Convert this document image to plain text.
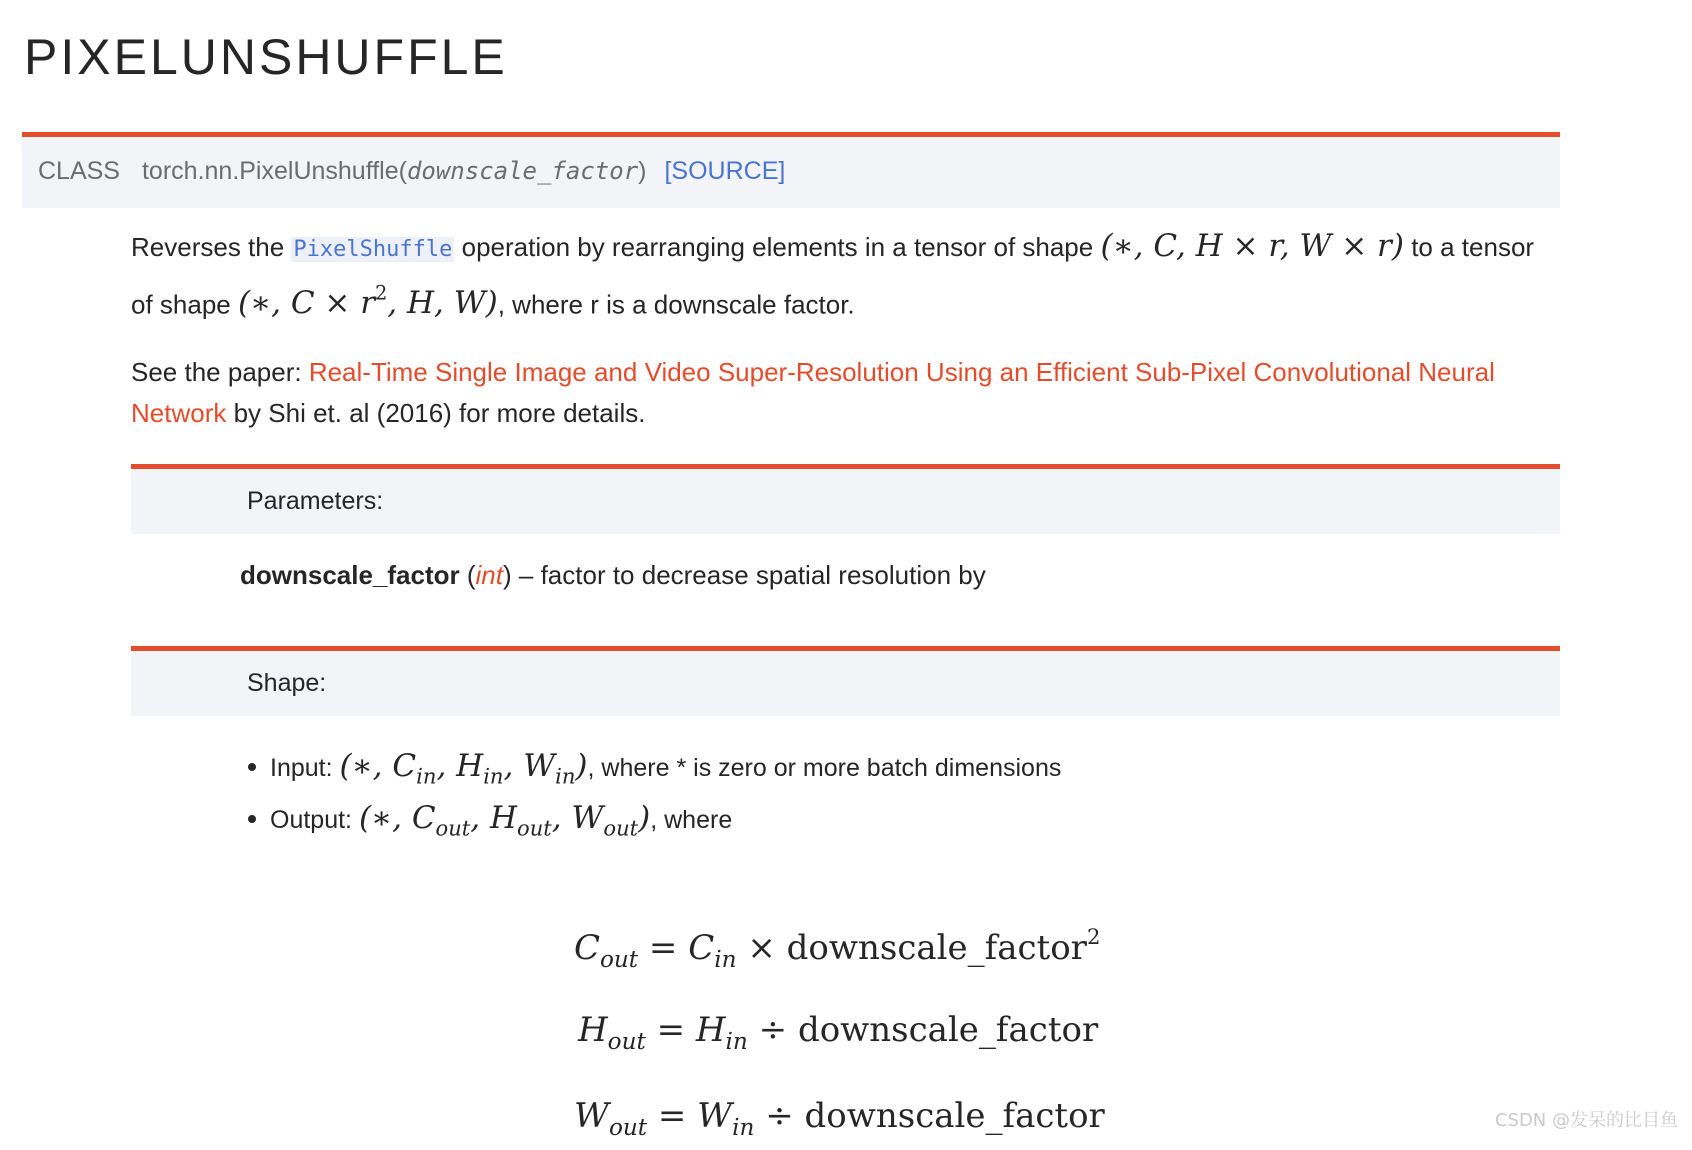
PIXELUNSHUFFLE
CLASS torch.nn.PixelUnshuffle(downscale_factor) [SOURCE]
Reverses the PixelShuffle operation by rearranging elements in a tensor of shape (∗, C, H × r, W × r) to a tensor of shape (∗, $C \times r^2$, H, W), where r is a downscale factor.
See the paper: Real-Time Single Image and Video Super-Resolution Using an Efficient Sub-Pixel Convolutional Neural Network by Shi et. al (2016) for more details.
Parameters:
downscale_factor (int) – factor to decrease spatial resolution by
Shape:
Input: (∗, $C_{in}$, $H_{in}$, $W_{in}$), where * is zero or more batch dimensions
Output: (∗, $C_{out}$, $H_{out}$, $W_{out}$), where
$C_{out} = C_{in}$ × downscale_factor$^2$
$H_{out} = H_{in}$ ÷ downscale_factor
$W_{out} = W_{in}$ ÷ downscale_factor	CSDN @发呆的比目鱼
